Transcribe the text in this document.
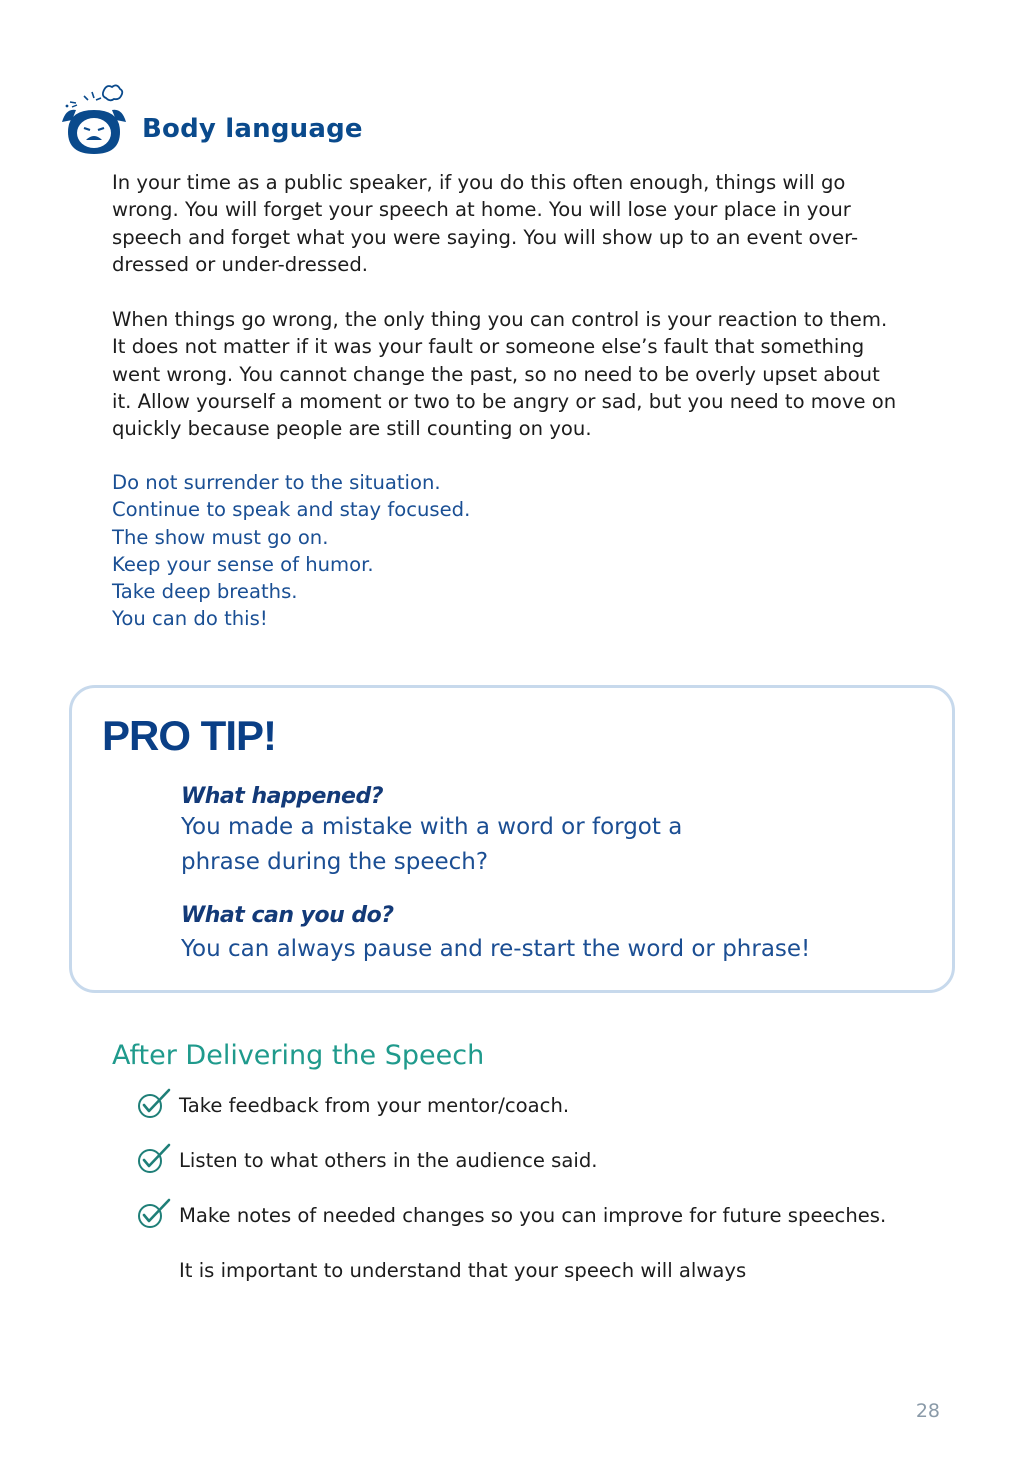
Body language
In your time as a public speaker, if you do this often enough, things will go
wrong. You will forget your speech at home. You will lose your place in your
speech and forget what you were saying. You will show up to an event over-
dressed or under-dressed.
When things go wrong, the only thing you can control is your reaction to them.
It does not matter if it was your fault or someone else’s fault that something
went wrong. You cannot change the past, so no need to be overly upset about
it. Allow yourself a moment or two to be angry or sad, but you need to move on
quickly because people are still counting on you.
Do not surrender to the situation.
Continue to speak and stay focused.
The show must go on.
Keep your sense of humor.
Take deep breaths.
You can do this!
PRO TIP!
What happened?
You made a mistake with a word or forgot a
phrase during the speech?
What can you do?
You can always pause and re-start the word or phrase!
After Delivering the Speech
Take feedback from your mentor/coach.
Listen to what others in the audience said.
Make notes of needed changes so you can improve for future speeches.
It is important to understand that your speech will always
28
